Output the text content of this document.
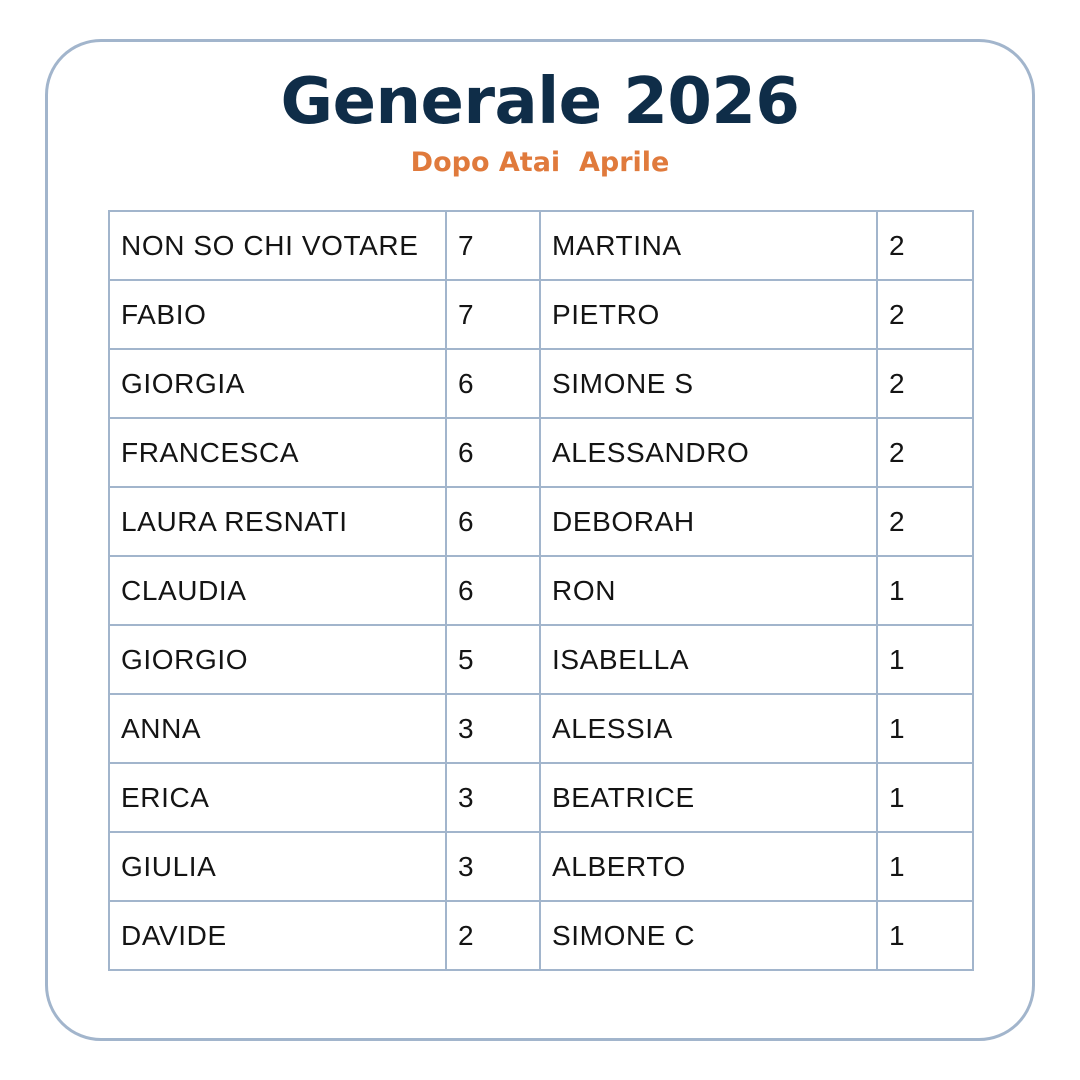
Generale 2026
Dopo Atai  Aprile
NON SO CHI VOTARE	7	MARTINA	2
FABIO	7	PIETRO	2
GIORGIA	6	SIMONE S	2
FRANCESCA	6	ALESSANDRO	2
LAURA RESNATI	6	DEBORAH	2
CLAUDIA	6	RON	1
GIORGIO	5	ISABELLA	1
ANNA	3	ALESSIA	1
ERICA	3	BEATRICE	1
GIULIA	3	ALBERTO	1
DAVIDE	2	SIMONE C	1
